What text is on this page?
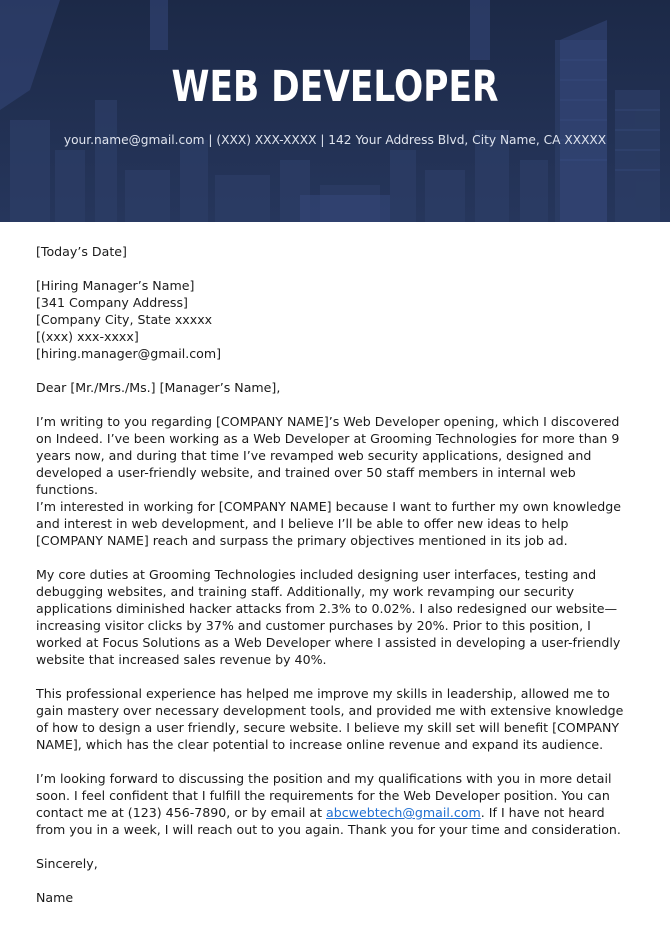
WEB DEVELOPER
your.name@gmail.com | (XXX) XXX-XXXX | 142 Your Address Blvd, City Name, CA XXXXX

[Today’s Date]

[Hiring Manager’s Name]
[341 Company Address]
[Company City, State xxxxx
[(xxx) xxx-xxxx]
[hiring.manager@gmail.com]

Dear [Mr./Mrs./Ms.] [Manager’s Name],

I’m writing to you regarding [COMPANY NAME]’s Web Developer opening, which I discovered on Indeed. I’ve been working as a Web Developer at Grooming Technologies for more than 9 years now, and during that time I’ve revamped web security applications, designed and developed a user-friendly website, and trained over 50 staff members in internal web functions.

I’m interested in working for [COMPANY NAME] because I want to further my own knowledge and interest in web development, and I believe I’ll be able to offer new ideas to help [COMPANY NAME] reach and surpass the primary objectives mentioned in its job ad.

My core duties at Grooming Technologies included designing user interfaces, testing and debugging websites, and training staff. Additionally, my work revamping our security applications diminished hacker attacks from 2.3% to 0.02%. I also redesigned our website—increasing visitor clicks by 37% and customer purchases by 20%. Prior to this position, I worked at Focus Solutions as a Web Developer where I assisted in developing a user-friendly website that increased sales revenue by 40%.

This professional experience has helped me improve my skills in leadership, allowed me to gain mastery over necessary development tools, and provided me with extensive knowledge of how to design a user friendly, secure website. I believe my skill set will benefit [COMPANY NAME], which has the clear potential to increase online revenue and expand its audience.

I’m looking forward to discussing the position and my qualifications with you in more detail soon. I feel confident that I fulfill the requirements for the Web Developer position. You can contact me at (123) 456-7890, or by email at abcwebtech@gmail.com. If I have not heard from you in a week, I will reach out to you again. Thank you for your time and consideration.

Sincerely,

Name
